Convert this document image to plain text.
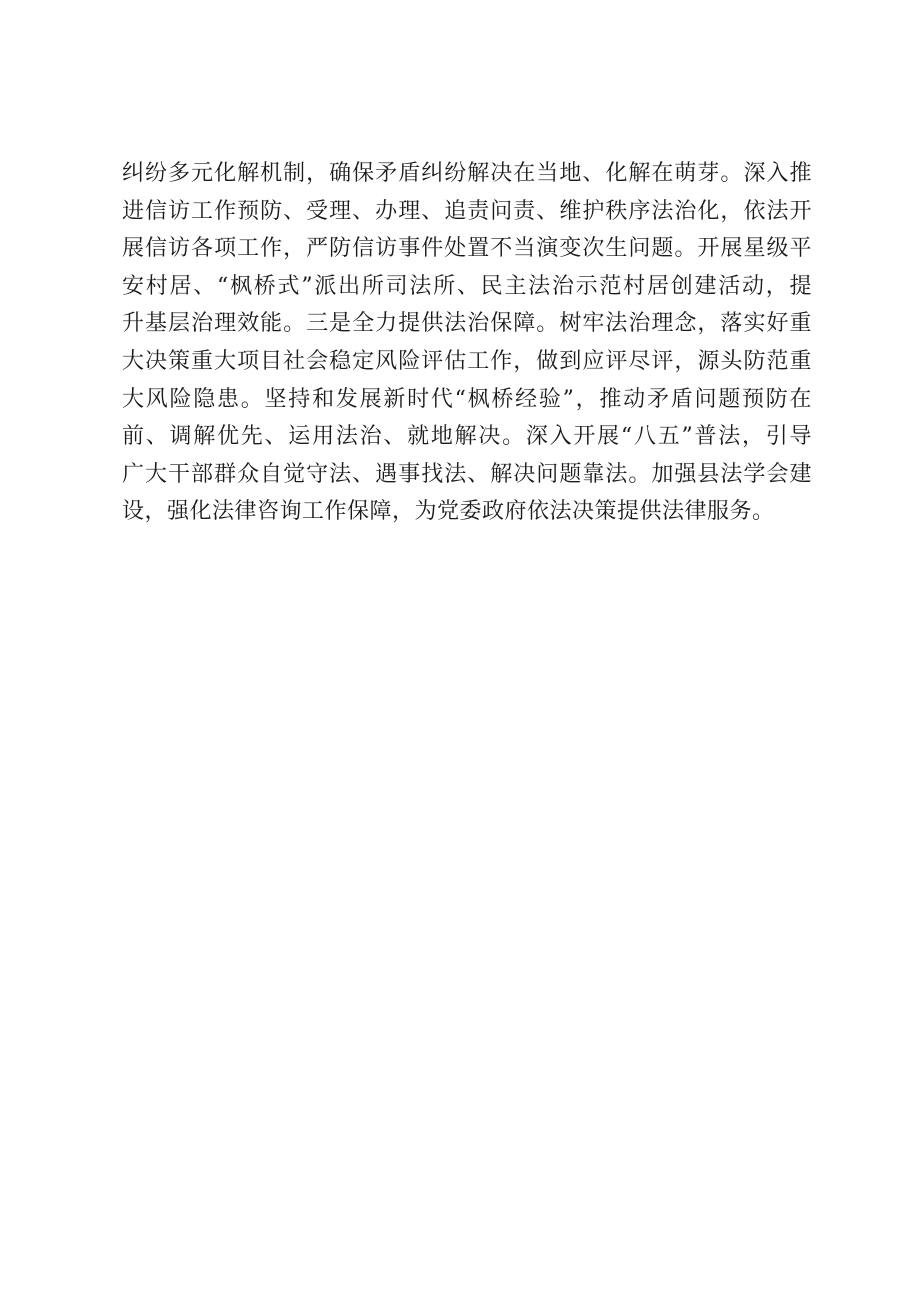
纠纷多元化解机制，确保矛盾纠纷解决在当地、化解在萌芽。深入推
进信访工作预防、受理、办理、追责问责、维护秩序法治化，依法开
展信访各项工作，严防信访事件处置不当演变次生问题。开展星级平
安村居、“枫桥式”派出所司法所、民主法治示范村居创建活动，提
升基层治理效能。三是全力提供法治保障。树牢法治理念，落实好重
大决策重大项目社会稳定风险评估工作，做到应评尽评，源头防范重
大风险隐患。坚持和发展新时代“枫桥经验”，推动矛盾问题预防在
前、调解优先、运用法治、就地解决。深入开展“八五”普法，引导
广大干部群众自觉守法、遇事找法、解决问题靠法。加强县法学会建
设，强化法律咨询工作保障，为党委政府依法决策提供法律服务。
